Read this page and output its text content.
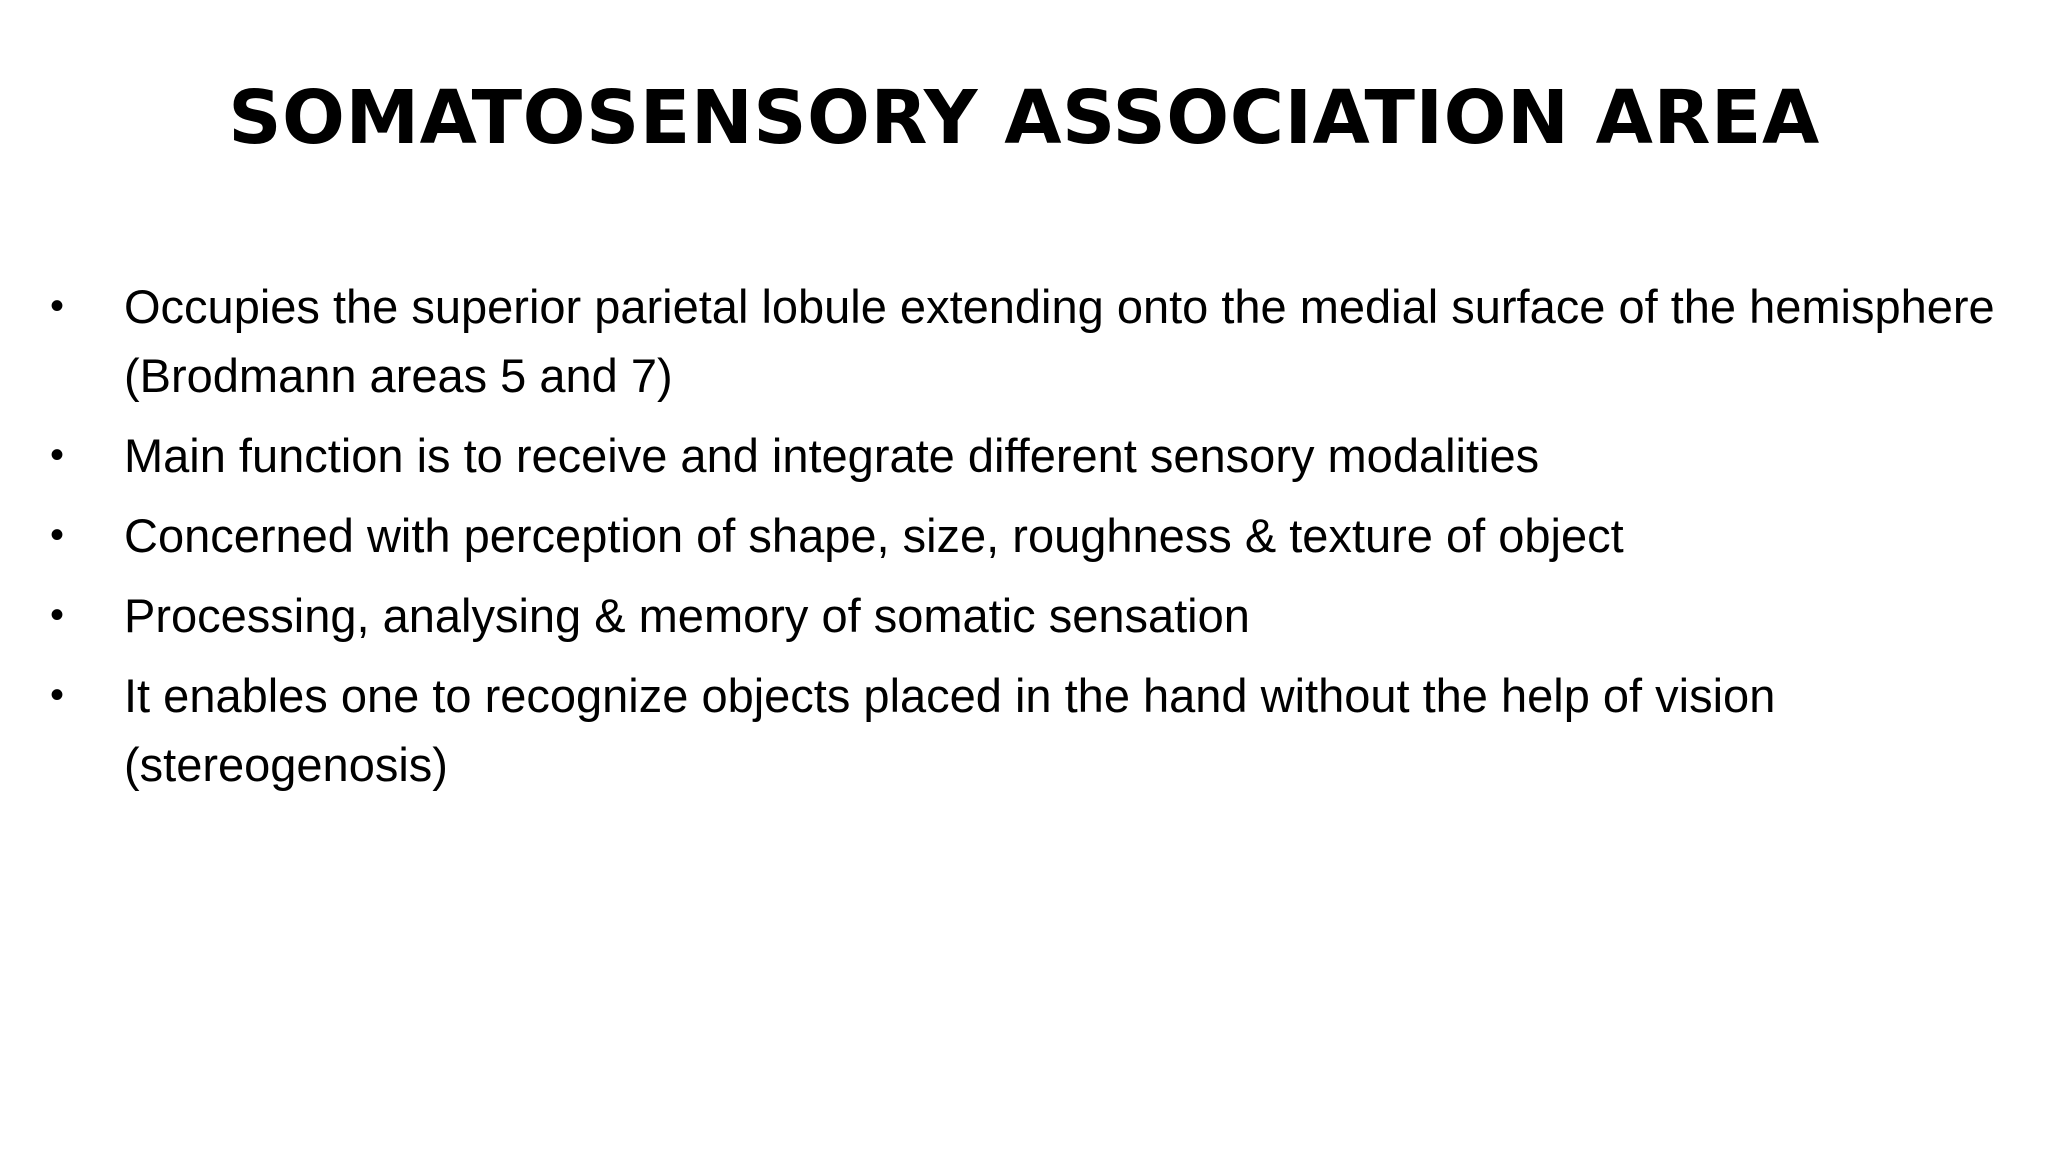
SOMATOSENSORY ASSOCIATION AREA
• Occupies the superior parietal lobule extending onto the medial surface of the hemisphere (Brodmann areas 5 and 7)
• Main function is to receive and integrate different sensory modalities
• Concerned with perception of shape, size, roughness & texture of object
• Processing, analysing & memory of somatic sensation
• It enables one to recognize objects placed in the hand without the help of vision (stereogenosis)
